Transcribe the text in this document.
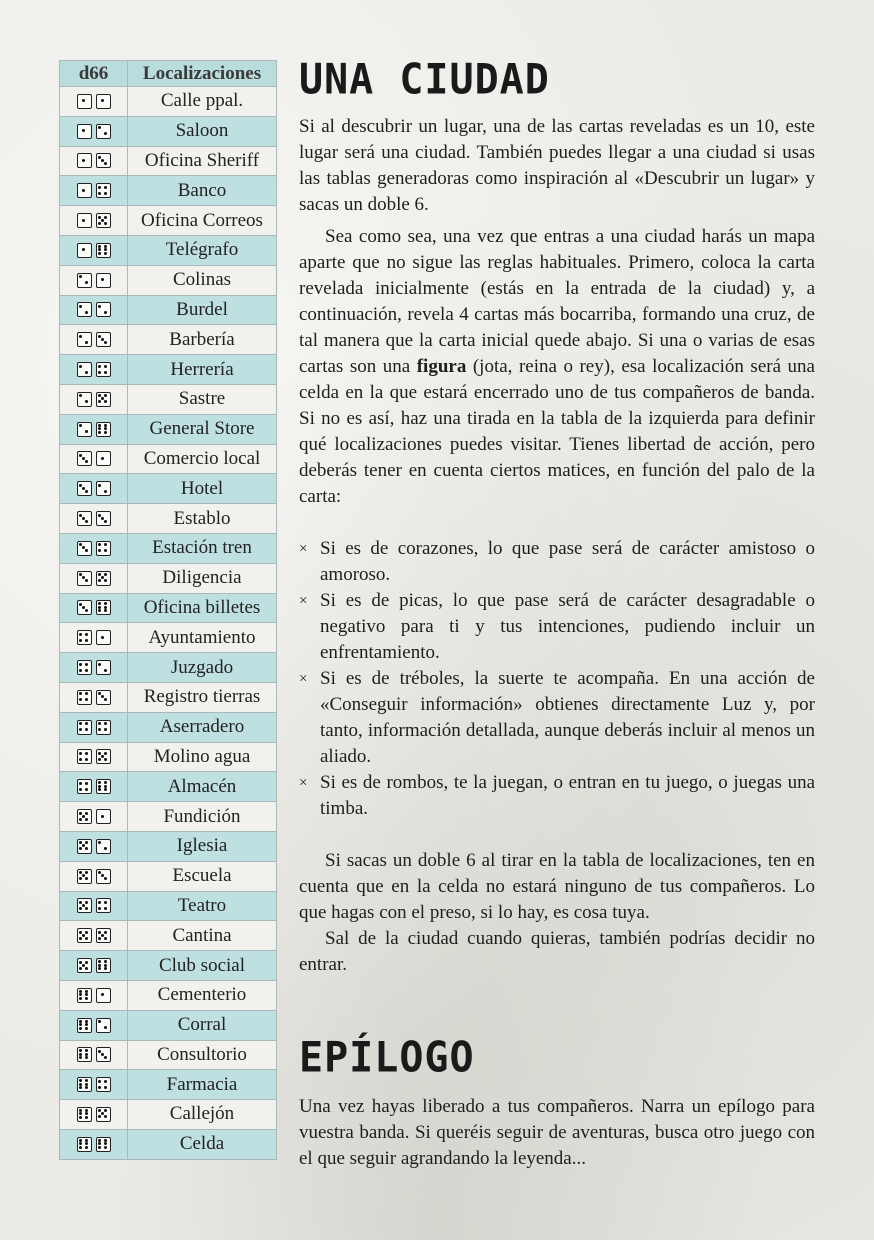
d66	Localizaciones

	Calle ppal.

	Saloon

	Oficina Sheriff

	Banco

	Oficina Correos

	Telégrafo

	Colinas

	Burdel

	Barbería

	Herrería

	Sastre

	General Store

	Comercio local

	Hotel

	Establo

	Estación tren

	Diligencia

	Oficina billetes

	Ayuntamiento

	Juzgado

	Registro tierras

	Aserradero

	Molino agua

	Almacén

	Fundición

	Iglesia

	Escuela

	Teatro

	Cantina

	Club social

	Cementerio

	Corral

	Consultorio

	Farmacia

	Callejón

	Celda
UNA CIUDAD

Si al descubrir un lugar, una de las cartas reveladas es un 10, este lugar será una ciudad. También puedes llegar a una ciudad si usas las tablas generadoras como inspiración al «Descubrir un lugar» y sacas un doble 6.

Sea como sea, una vez que entras a una ciudad harás un mapa aparte que no sigue las reglas habituales. Primero, coloca la carta revelada inicialmente (estás en la entrada de la ciudad) y, a continuación, revela 4 cartas más bocarriba, formando una cruz, de tal manera que la carta inicial quede abajo. Si una o varias de esas cartas son una figura (jota, reina o rey), esa localización será una celda en la que estará encerrado uno de tus compañeros de banda. Si no es así, haz una tirada en la tabla de la izquierda para definir qué localizaciones puedes visitar. Tienes libertad de acción, pero deberás tener en cuenta ciertos matices, en función del palo de la carta:

× Si es de corazones, lo que pase será de carácter amistoso o amoroso.
× Si es de picas, lo que pase será de carácter desagradable o negativo para ti y tus intenciones, pudiendo incluir un enfrentamiento.
× Si es de tréboles, la suerte te acompaña. En una acción de «Conseguir información» obtienes directamente Luz y, por tanto, información detallada, aunque deberás incluir al menos un aliado.
× Si es de rombos, te la juegan, o entran en tu juego, o juegas una timba.

Si sacas un doble 6 al tirar en la tabla de localizaciones, ten en cuenta que en la celda no estará ninguno de tus compañeros. Lo que hagas con el preso, si lo hay, es cosa tuya.

Sal de la ciudad cuando quieras, también podrías decidir no entrar.

EPÍLOGO

Una vez hayas liberado a tus compañeros. Narra un epílogo para vuestra banda. Si queréis seguir de aventuras, busca otro juego con el que seguir agrandando la leyenda...
